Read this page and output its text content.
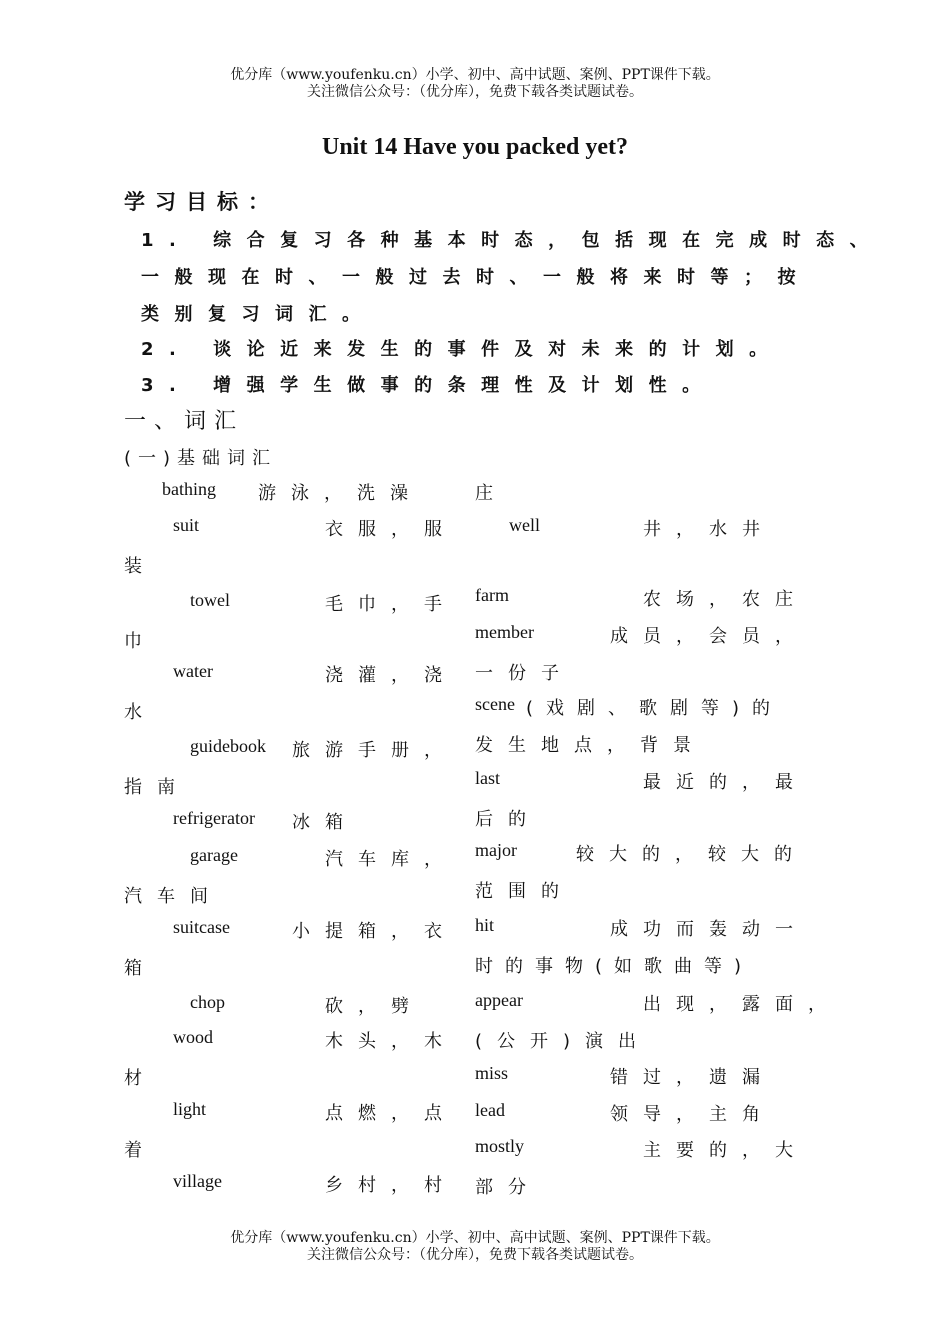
优分库（www.youfenku.cn）小学、初中、高中试题、案例、PPT课件下载。
关注微信公众号：（优分库），免费下载各类试题试卷。
Unit 14 Have you packed yet?
学习目标：
1. 综合复习各种基本时态，包括现在完成时态、
一般现在时、一般过去时、一般将来时等；按
类别复习词汇。
2. 谈论近来发生的事件及对未来的计划。
3. 增强学生做事的条理性及计划性。
一、词汇
(一)基础词汇
bathing 游泳，洗澡
suit	衣服，服
装
towel	毛巾，手
巾
water	浇灌，浇
水
guidebook 旅游手册，
指南
refrigerator 冰箱
garage	汽车库，
汽车间
suitcase	小提箱，衣
箱
chop	砍，劈
wood	木头，木
材
light	点燃，点
着
village	乡村，村
庄
well	井，水井
farm	农场，农庄
member	成员，会员，
一份子
scene (戏剧、歌剧等)的
发生地点，背景
last	最近的，最
后的
major	较大的，较大的
范围的
hit	成功而轰动一
时的事物(如歌曲等)
appear	出现，露面，
(公开)演出
miss	错过，遗漏
lead	领导，主角
mostly	主要的，大
部分
优分库（www.youfenku.cn）小学、初中、高中试题、案例、PPT课件下载。
关注微信公众号：（优分库），免费下载各类试题试卷。
